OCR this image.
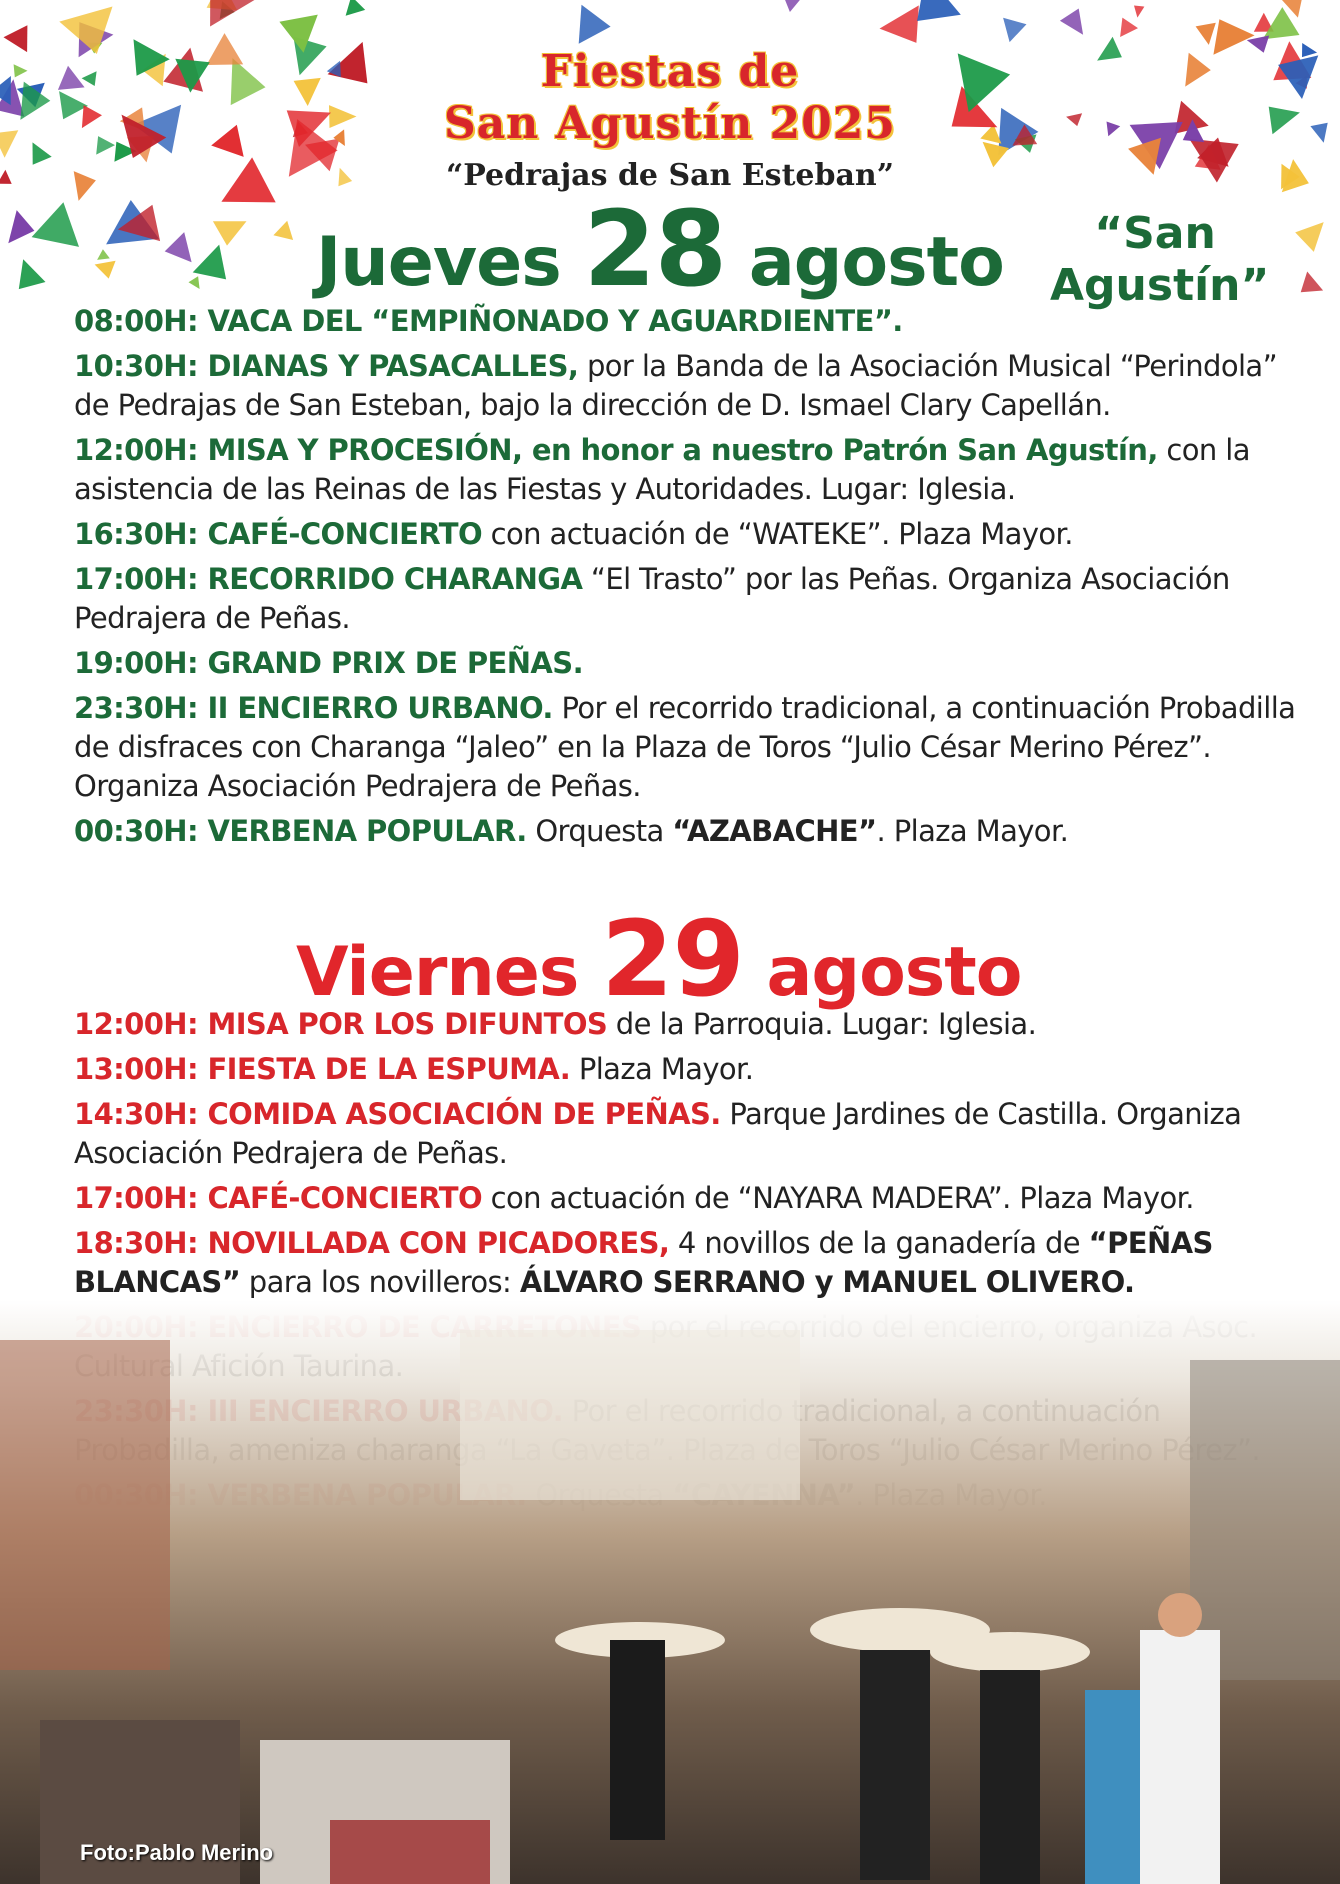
Fiestas de
San Agustín 2025

“Pedrajas de San Esteban”

Jueves 28 agosto	“San
Agustín”

08:00H: VACA DEL “EMPIÑONADO Y AGUARDIENTE”.
10:30H: DIANAS Y PASACALLES, por la Banda de la Asociación Musical “Perindola” de Pedrajas de San Esteban, bajo la dirección de D. Ismael Clary Capellán.
12:00H: MISA Y PROCESIÓN, en honor a nuestro Patrón San Agustín, con la asistencia de las Reinas de las Fiestas y Autoridades. Lugar: Iglesia.
16:30H: CAFÉ-CONCIERTO con actuación de “WATEKE”. Plaza Mayor.
17:00H: RECORRIDO CHARANGA “El Trasto” por las Peñas. Organiza Asociación Pedrajera de Peñas.
19:00H: GRAND PRIX DE PEÑAS.
23:30H: II ENCIERRO URBANO. Por el recorrido tradicional, a continuación Probadilla de disfraces con Charanga “Jaleo” en la Plaza de Toros “Julio César Merino Pérez”. Organiza Asociación Pedrajera de Peñas.
00:30H: VERBENA POPULAR. Orquesta “AZABACHE”. Plaza Mayor.
Viernes 29 agosto
12:00H: MISA POR LOS DIFUNTOS de la Parroquia. Lugar: Iglesia.
13:00H: FIESTA DE LA ESPUMA. Plaza Mayor.
14:30H: COMIDA ASOCIACIÓN DE PEÑAS. Parque Jardines de Castilla. Organiza Asociación Pedrajera de Peñas.
17:00H: CAFÉ-CONCIERTO con actuación de “NAYARA MADERA”. Plaza Mayor.
18:30H: NOVILLADA CON PICADORES, 4 novillos de la ganadería de “PEÑAS BLANCAS” para los novilleros: ÁLVARO SERRANO y MANUEL OLIVERO.
Foto:Pablo Merino
